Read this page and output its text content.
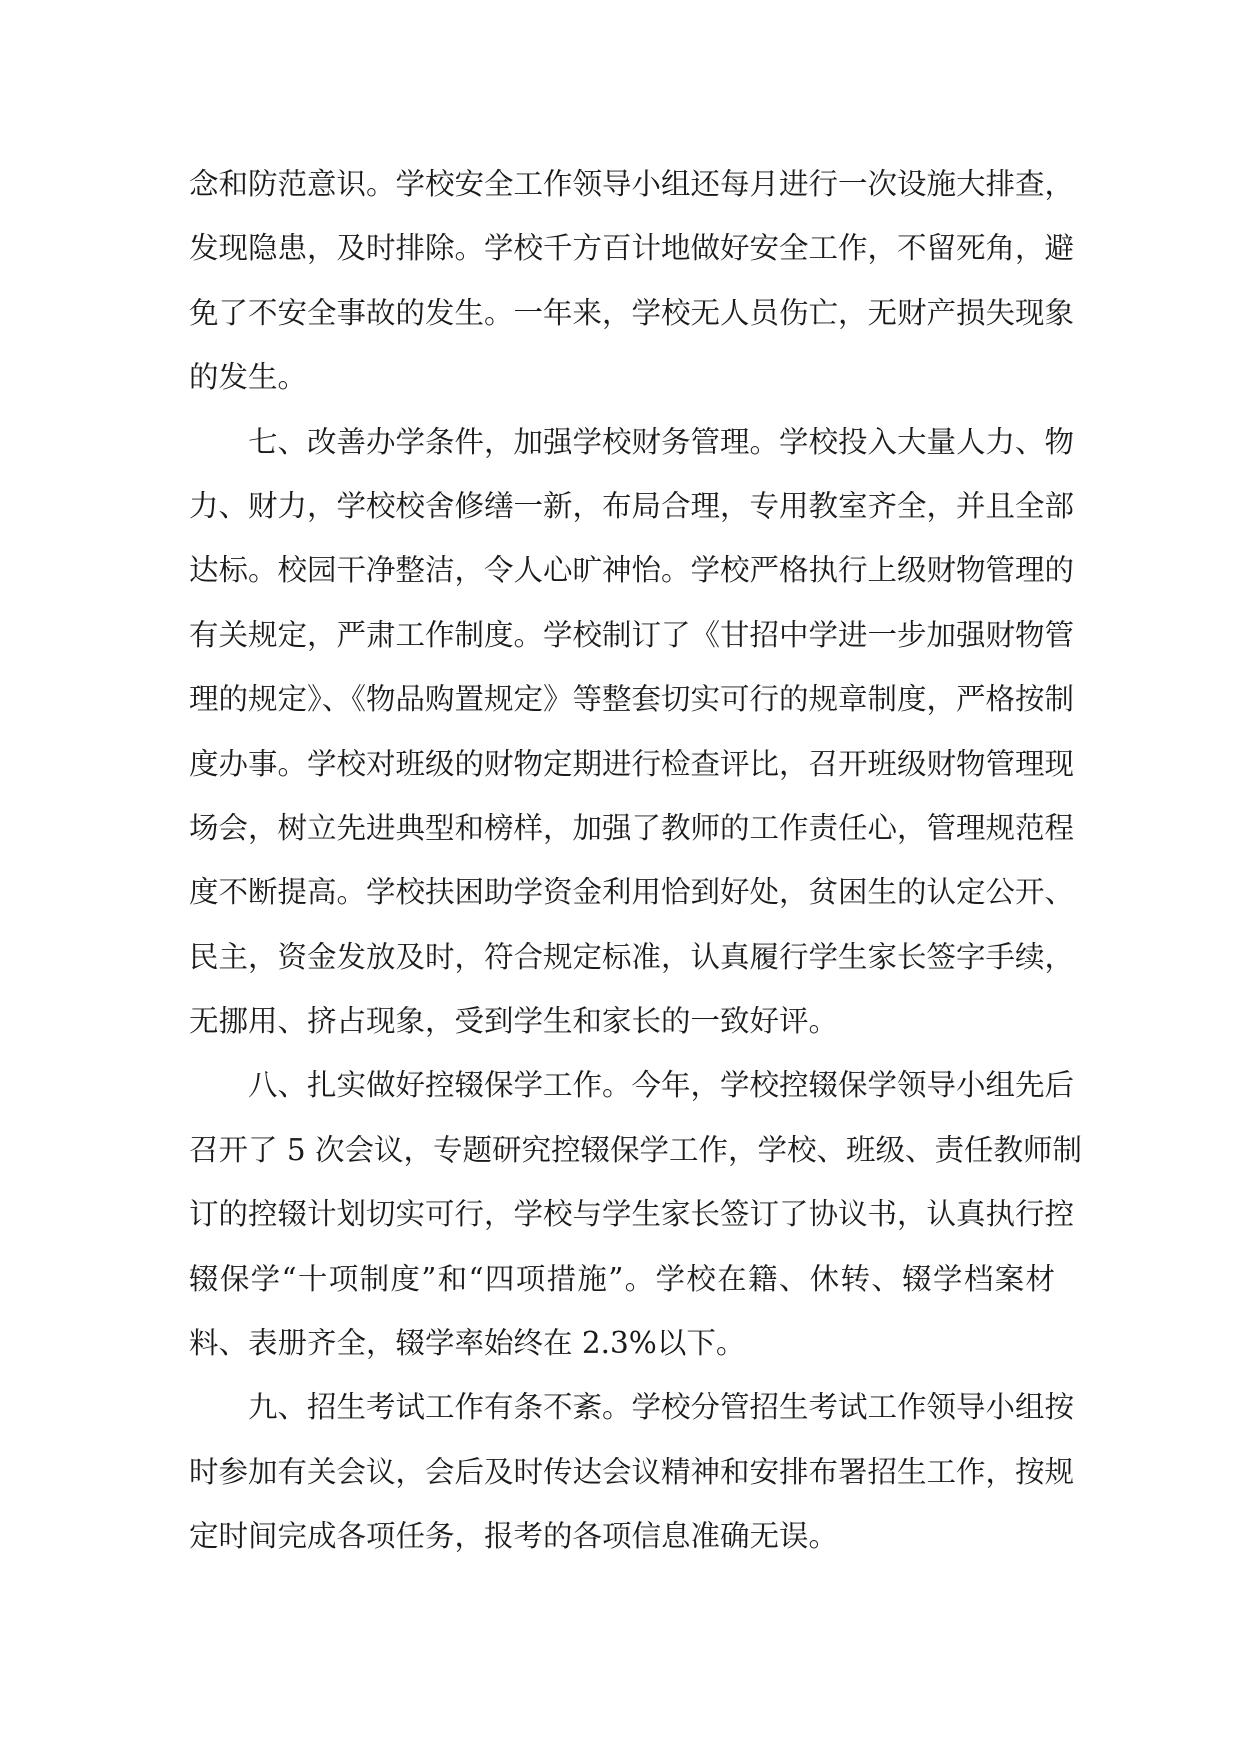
念和防范意识。学校安全工作领导小组还每月进行一次设施大排查，
发现隐患，及时排除。学校千方百计地做好安全工作，不留死角，避
免了不安全事故的发生。一年来，学校无人员伤亡，无财产损失现象
的发生。
七、改善办学条件，加强学校财务管理。学校投入大量人力、物
力、财力，学校校舍修缮一新，布局合理，专用教室齐全，并且全部
达标。校园干净整洁，令人心旷神怡。学校严格执行上级财物管理的
有关规定，严肃工作制度。学校制订了《甘招中学进一步加强财物管
理的规定》、《物品购置规定》等整套切实可行的规章制度，严格按制
度办事。学校对班级的财物定期进行检查评比，召开班级财物管理现
场会，树立先进典型和榜样，加强了教师的工作责任心，管理规范程
度不断提高。学校扶困助学资金利用恰到好处，贫困生的认定公开、
民主，资金发放及时，符合规定标准，认真履行学生家长签字手续，
无挪用、挤占现象，受到学生和家长的一致好评。
八、扎实做好控辍保学工作。今年，学校控辍保学领导小组先后
召开了 5 次会议，专题研究控辍保学工作，学校、班级、责任教师制
订的控辍计划切实可行，学校与学生家长签订了协议书，认真执行控
辍保学“十项制度”和“四项措施”。学校在籍、休转、辍学档案材
料、表册齐全，辍学率始终在 2.3%以下。
九、招生考试工作有条不紊。学校分管招生考试工作领导小组按
时参加有关会议，会后及时传达会议精神和安排布署招生工作，按规
定时间完成各项任务，报考的各项信息准确无误。
